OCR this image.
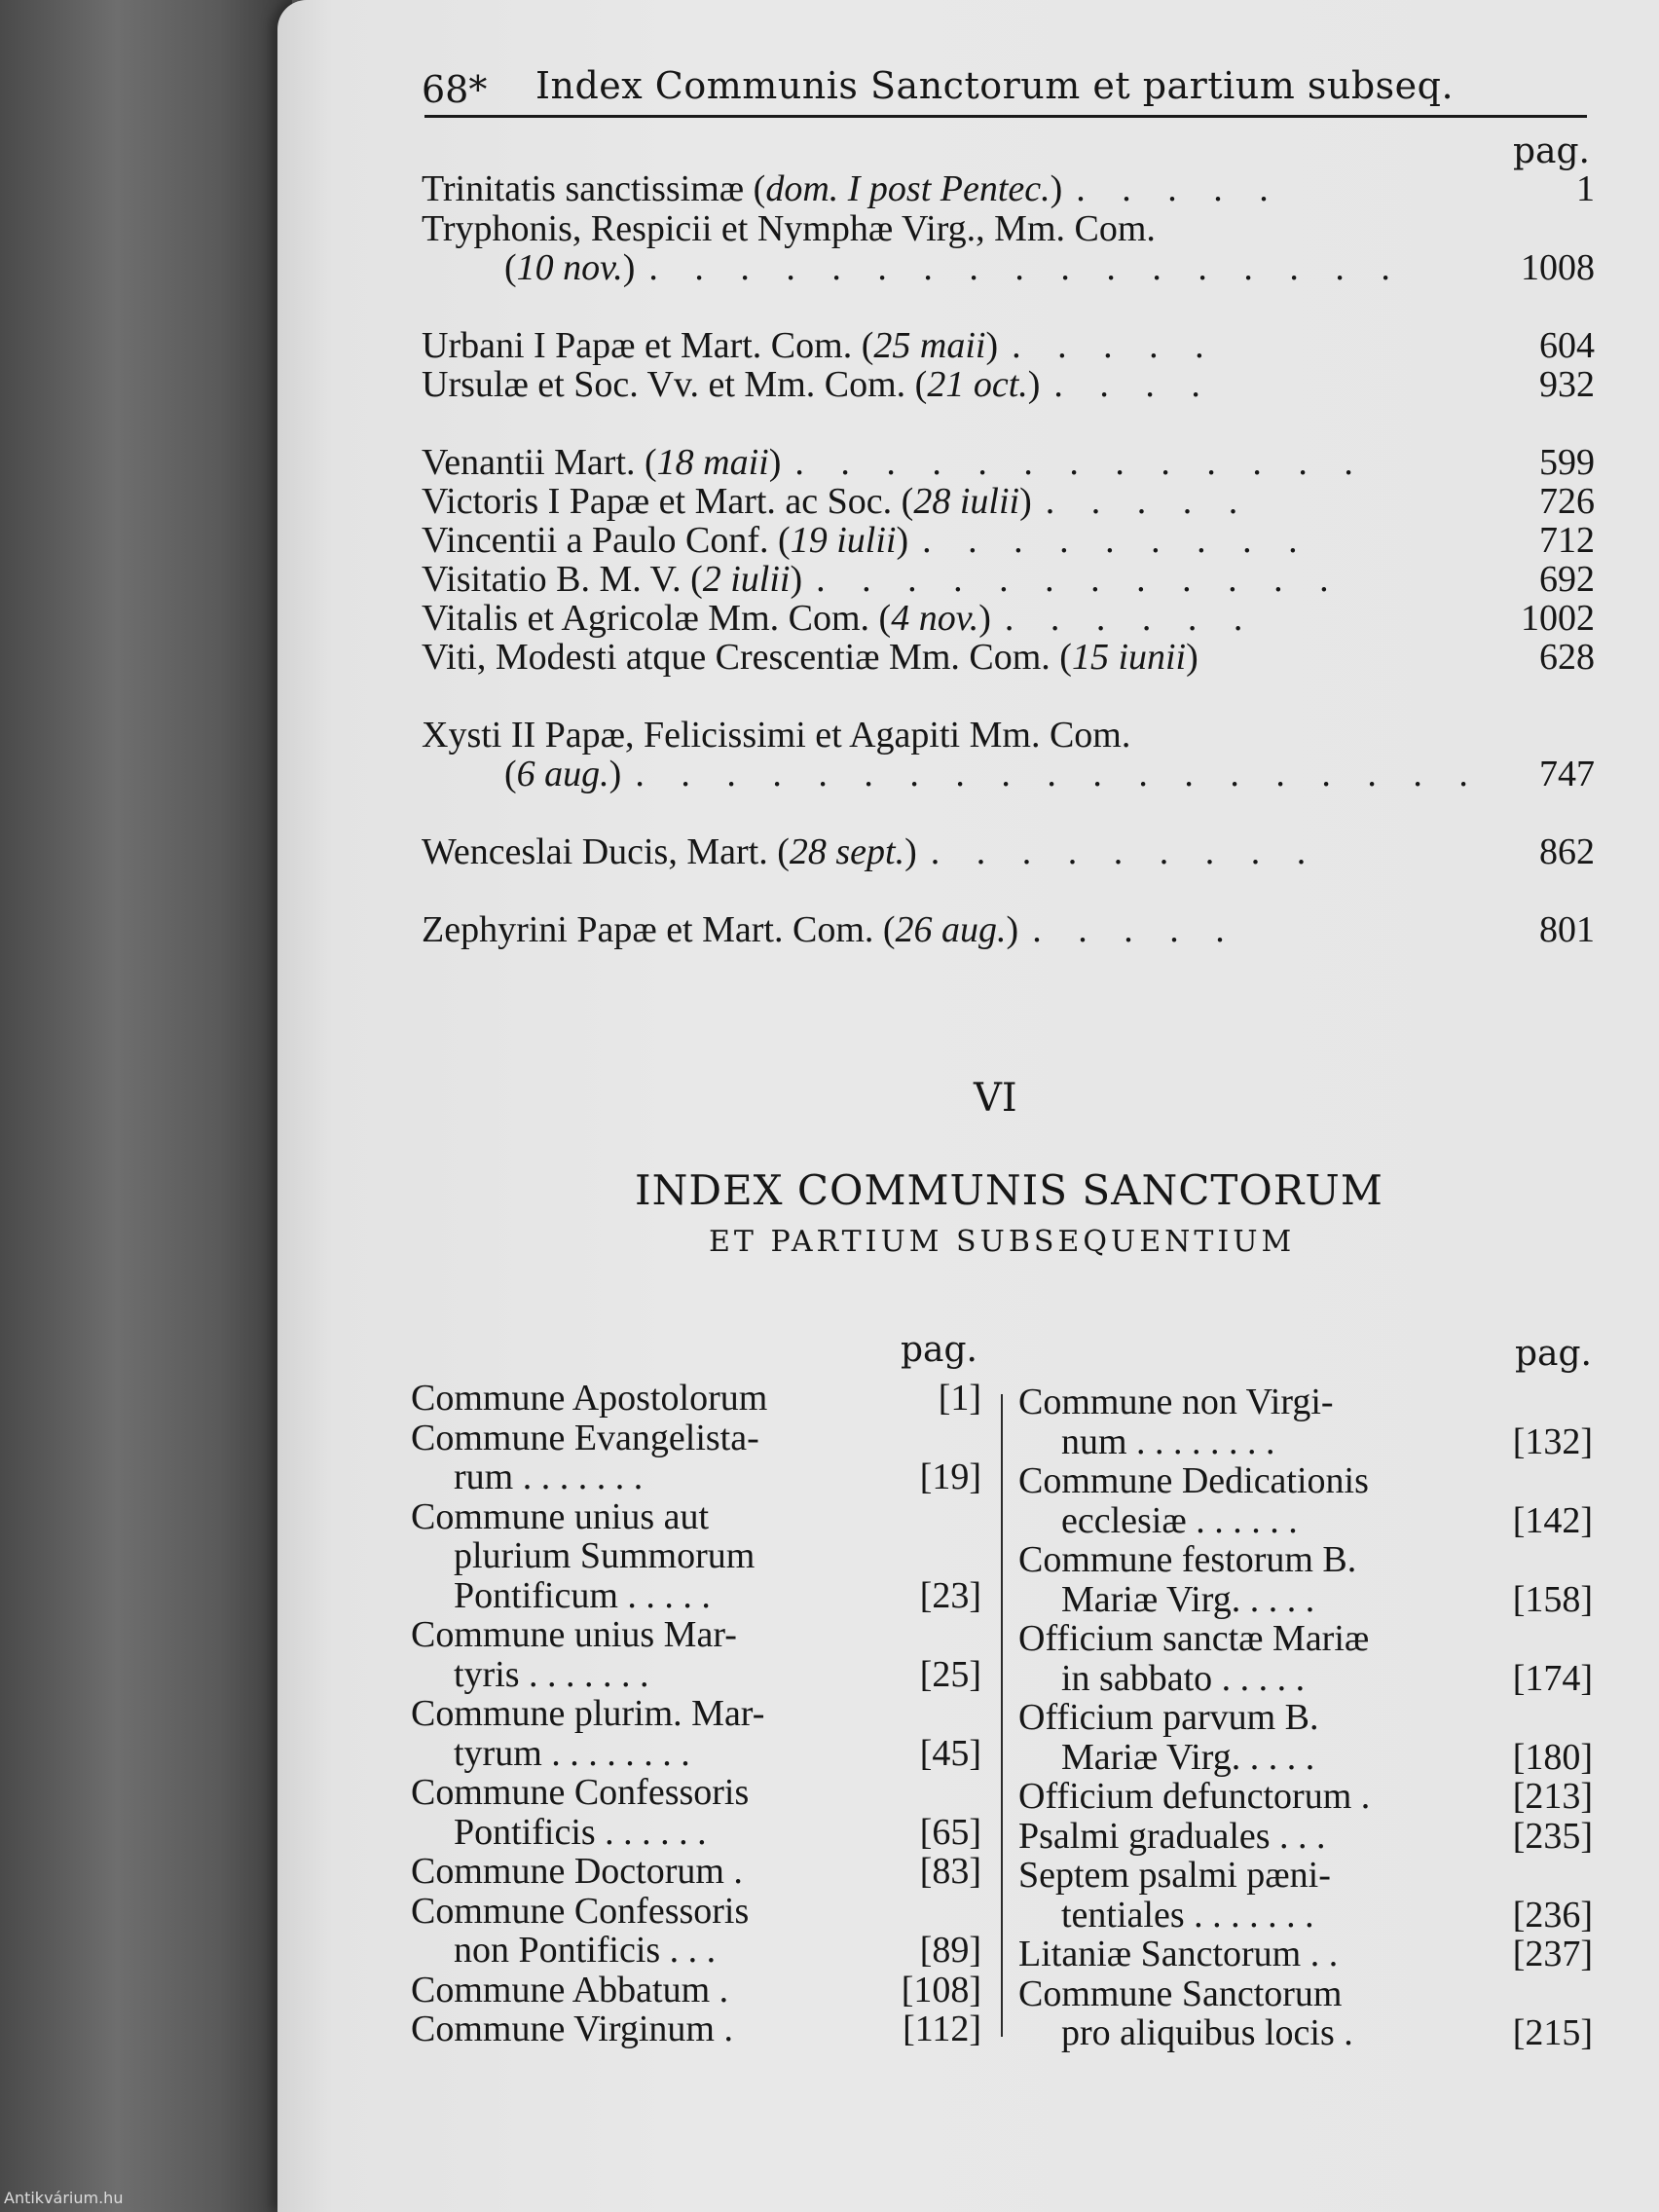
68* Index Communis Sanctorum et partium subseq.
pag.
Trinitatis sanctissimæ (dom. I post Pentec.) . . . . .	1
Tryphonis, Respicii et Nymphæ Virg., Mm. Com.
(10 nov.) . . . . . . . . . . . . . . . . .	1008
Urbani I Papæ et Mart. Com. (25 maii) . . . . .	604
Ursulæ et Soc. Vv. et Mm. Com. (21 oct.) . . . .	932
Venantii Mart. (18 maii) . . . . . . . . . . . . .	599
Victoris I Papæ et Mart. ac Soc. (28 iulii) . . . . .	726
Vincentii a Paulo Conf. (19 iulii) . . . . . . . . .	712
Visitatio B. M. V. (2 iulii) . . . . . . . . . . . .	692
Vitalis et Agricolæ Mm. Com. (4 nov.) . . . . . .	1002
Viti, Modesti atque Crescentiæ Mm. Com. (15 iunii)	628
Xysti II Papæ, Felicissimi et Agapiti Mm. Com.
(6 aug.) . . . . . . . . . . . . . . . . . . . 747
Wenceslai Ducis, Mart. (28 sept.) . . . . . . . . .	862
Zephyrini Papæ et Mart. Com. (26 aug.) . . . . .	801
VI
INDEX COMMUNIS SANCTORUM
ET PARTIUM SUBSEQUENTIUM
pag.	pag.
Commune Apostolorum	[1]
Commune Evangelista-
rum . . . . . . .	[19]
Commune unius aut
plurium Summorum
Pontificum . . . . .	[23]
Commune unius Mar-
tyris . . . . . . .	[25]
Commune plurim. Mar-
tyrum . . . . . . . .	[45]
Commune Confessoris
Pontificis . . . . . .	[65]
Commune Doctorum .	[83]
Commune Confessoris
non Pontificis . . .	[89]
Commune Abbatum .	[108]
Commune Virginum .	[112]
Commune non Virgi-
num . . . . . . . .	[132]
Commune Dedicationis
ecclesiæ . . . . . .	[142]
Commune festorum B.
Mariæ Virg. . . . .	[158]
Officium sanctæ Mariæ
in sabbato . . . . .	[174]
Officium parvum B.
Mariæ Virg. . . . .	[180]
Officium defunctorum .	[213]
Psalmi graduales . . .	[235]
Septem psalmi pæni-
tentiales . . . . . . .	[236]
Litaniæ Sanctorum . .	[237]
Commune Sanctorum
pro aliquibus locis .	[215]
Antikvárium.hu
